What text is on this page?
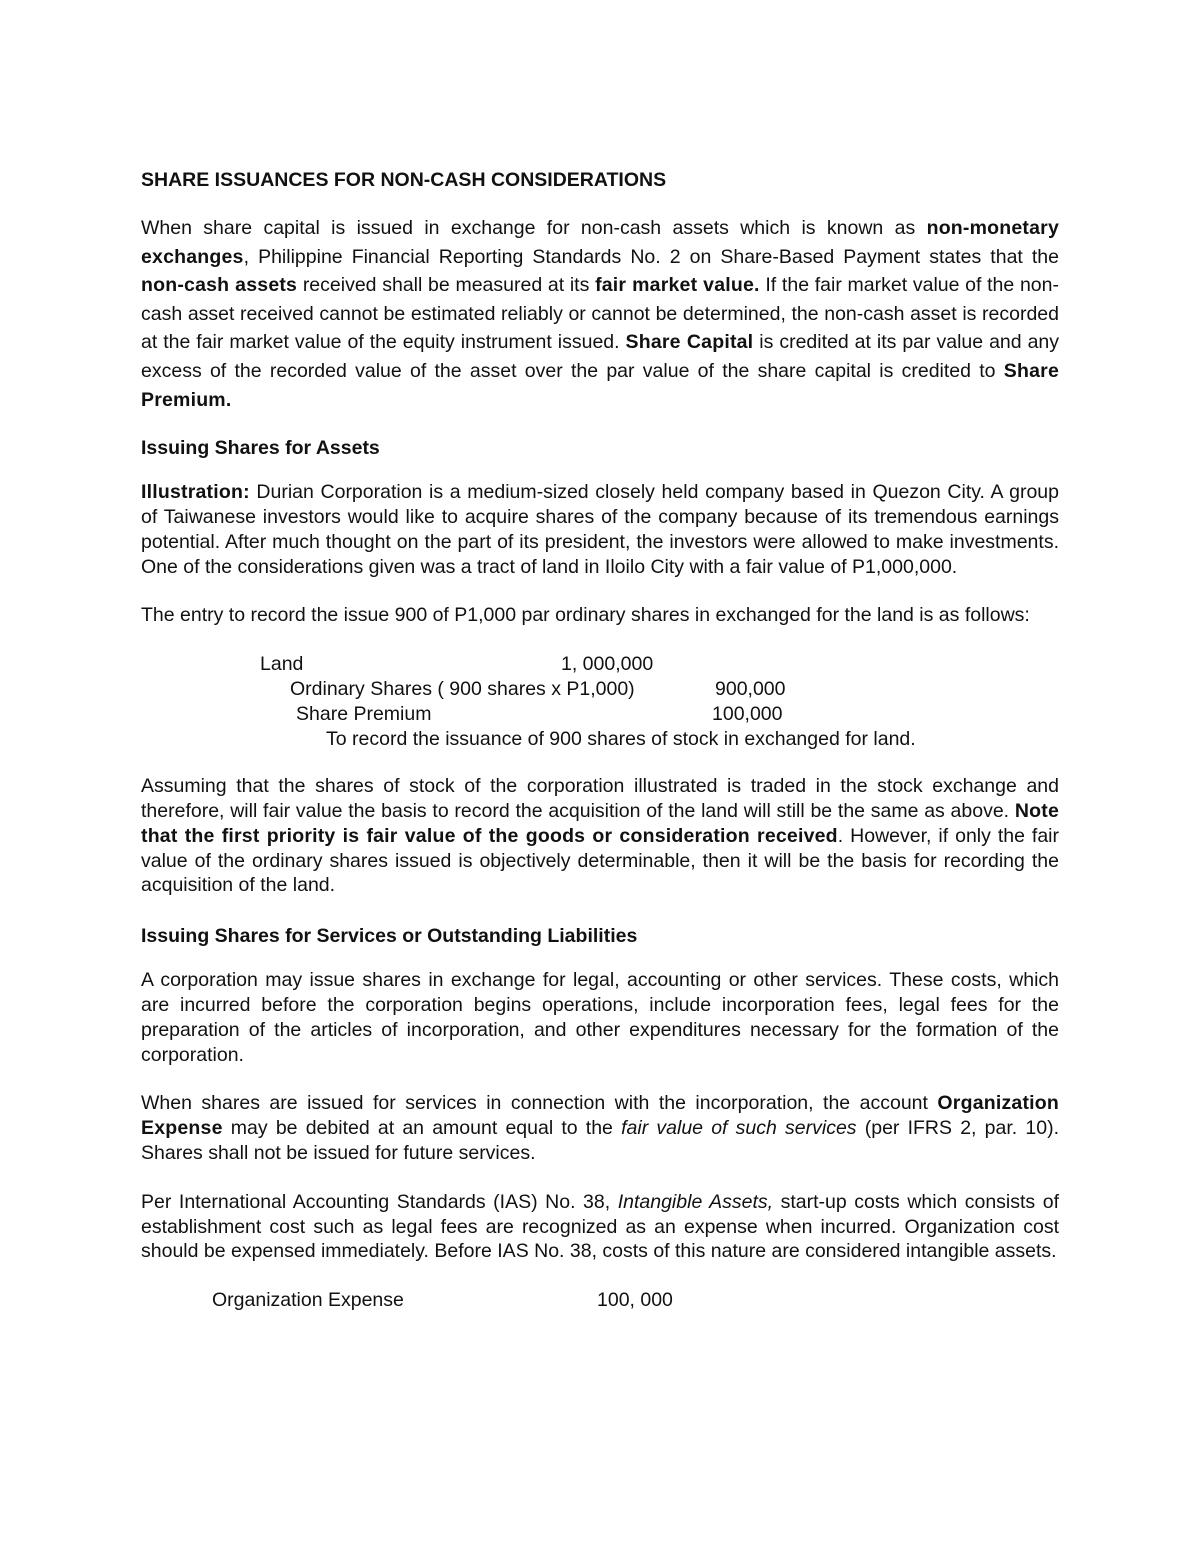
SHARE ISSUANCES FOR NON-CASH CONSIDERATIONS

When share capital is issued in exchange for non-cash assets which is known as non-monetary exchanges, Philippine Financial Reporting Standards No. 2 on Share-Based Payment states that the non-cash assets received shall be measured at its fair market value. If the fair market value of the non-cash asset received cannot be estimated reliably or cannot be determined, the non-cash asset is recorded at the fair market value of the equity instrument issued. Share Capital is credited at its par value and any excess of the recorded value of the asset over the par value of the share capital is credited to Share Premium.

Issuing Shares for Assets

Illustration: Durian Corporation is a medium-sized closely held company based in Quezon City. A group of Taiwanese investors would like to acquire shares of the company because of its tremendous earnings potential. After much thought on the part of its president, the investors were allowed to make investments. One of the considerations given was a tract of land in Iloilo City with a fair value of P1,000,000.

The entry to record the issue 900 of P1,000 par ordinary shares in exchanged for the land is as follows:

Land	1, 000,000
Ordinary Shares ( 900 shares x P1,000)	900,000
Share Premium	100,000
To record the issuance of 900 shares of stock in exchanged for land.

Assuming that the shares of stock of the corporation illustrated is traded in the stock exchange and therefore, will fair value the basis to record the acquisition of the land will still be the same as above. Note that the first priority is fair value of the goods or consideration received. However, if only the fair value of the ordinary shares issued is objectively determinable, then it will be the basis for recording the acquisition of the land.

Issuing Shares for Services or Outstanding Liabilities

A corporation may issue shares in exchange for legal, accounting or other services. These costs, which are incurred before the corporation begins operations, include incorporation fees, legal fees for the preparation of the articles of incorporation, and other expenditures necessary for the formation of the corporation.

When shares are issued for services in connection with the incorporation, the account Organization Expense may be debited at an amount equal to the fair value of such services (per IFRS 2, par. 10). Shares shall not be issued for future services.

Per International Accounting Standards (IAS) No. 38, Intangible Assets, start-up costs which consists of establishment cost such as legal fees are recognized as an expense when incurred. Organization cost should be expensed immediately. Before IAS No. 38, costs of this nature are considered intangible assets.

Organization Expense	100, 000
